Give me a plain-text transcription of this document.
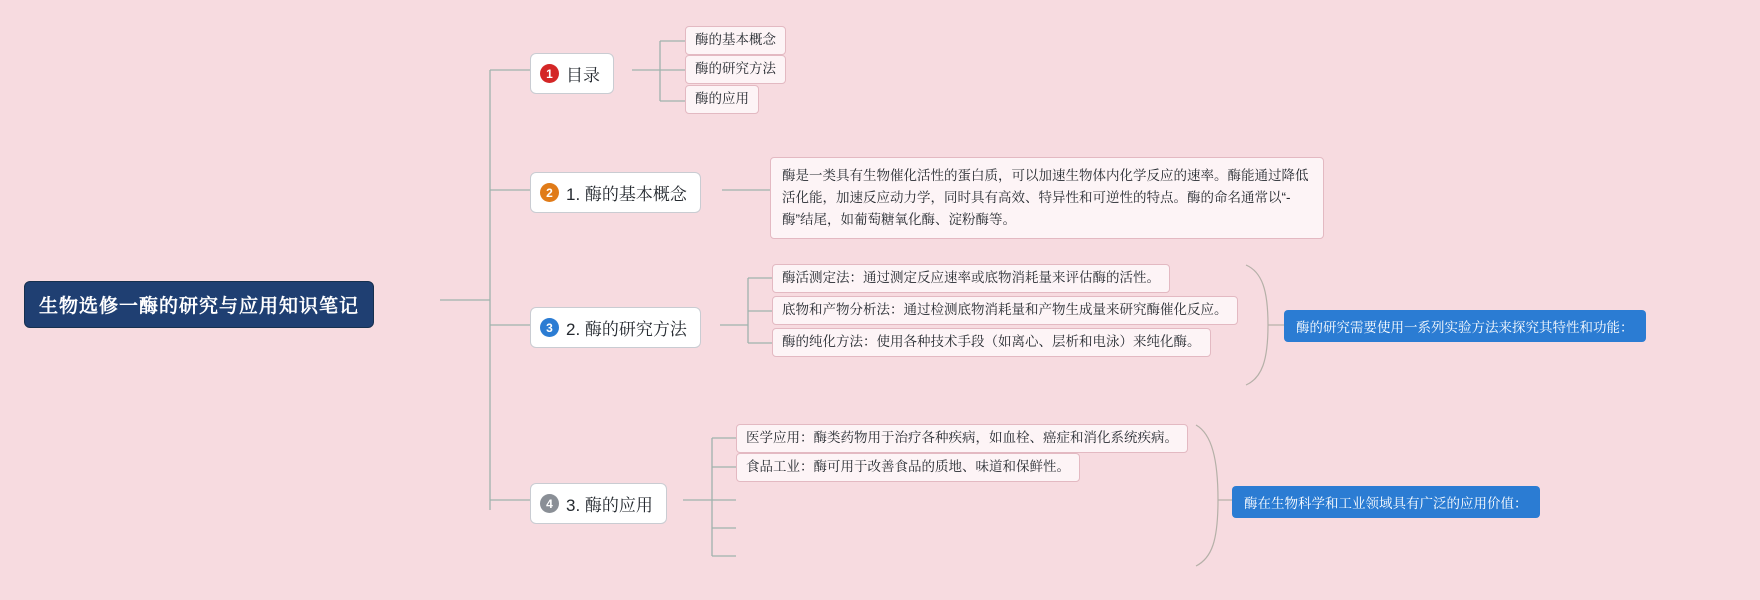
生物选修一酶的研究与应用知识笔记
1 目录
酶的基本概念
酶的研究方法
酶的应用
2 1. 酶的基本概念
酶是一类具有生物催化活性的蛋白质，可以加速生物体内化学反应的速率。酶能通过降低活化能，加速反应动力学，同时具有高效、特异性和可逆性的特点。酶的命名通常以“-酶”结尾，如葡萄糖氧化酶、淀粉酶等。
3 2. 酶的研究方法
酶活测定法：通过测定反应速率或底物消耗量来评估酶的活性。
底物和产物分析法：通过检测底物消耗量和产物生成量来研究酶催化反应。
酶的纯化方法：使用各种技术手段（如离心、层析和电泳）来纯化酶。
酶的研究需要使用一系列实验方法来探究其特性和功能：
4 3. 酶的应用
医学应用：酶类药物用于治疗各种疾病，如血栓、癌症和消化系统疾病。
食品工业：酶可用于改善食品的质地、味道和保鲜性。
酶在生物科学和工业领域具有广泛的应用价值：
